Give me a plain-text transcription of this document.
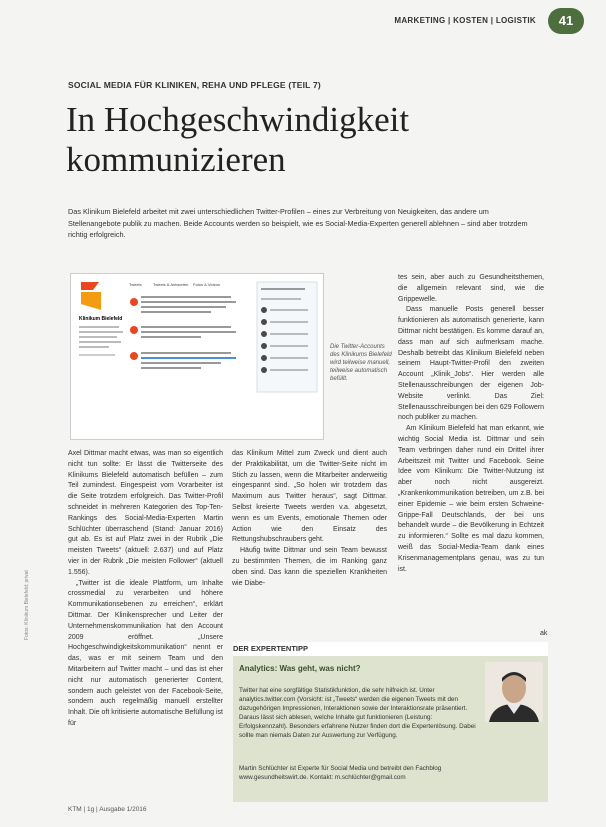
MARKETING | KOSTEN | LOGISTIK	41
SOCIAL MEDIA FÜR KLINIKEN, REHA UND PFLEGE (TEIL 7)
In Hochgeschwindigkeit kommunizieren
Das Klinikum Bielefeld arbeitet mit zwei unterschiedlichen Twitter-Profilen – eines zur Verbreitung von Neuigkeiten, das andere um Stellenangebote publik zu machen. Beide Accounts werden so beispielt, wie es Social-Media-Experten generell ablehnen – sind aber trotzdem richtig erfolgreich.
Klinikum Bielefeld
Tweets	Tweets & Antworten Fotos & Videos
Die Twitter-Accounts des Klinikums Bielefeld wird teilweise manuell, teilweise automatisch befüllt.

Axel Dittmar macht etwas, was man so eigentlich nicht tun sollte: Er lässt die Twitterseite des Klinikums Bielefeld automatisch befüllen – zum Teil zumindest. Eingespeist vom Vorarbeiter ist die Seite trotzdem erfolgreich. Das Twitter-Profil schneidet in mehreren Kategorien des Top-Ten-Rankings des Social-Media-Experten Martin Schlüchter überraschend (Stand: Januar 2016) gut ab. Es ist auf Platz zwei in der Rubrik „Die meisten Tweets“ (aktuell: 2.637) und auf Platz vier in der Rubrik „Die meisten Follower“ (aktuell 1.556).

„Twitter ist die ideale Plattform, um Inhalte crossmedial zu verarbeiten und höhere Kommunikationsebenen zu erreichen“, erklärt Dittmar. Der Klinikensprecher und Leiter der Unternehmenskommunikation hat den Account 2009 eröffnet. „Unsere Hochgeschwindigkeitskommunikation“ nennt er das, was er mit seinem Team und den Mitarbeitern auf Twitter macht – und das ist eher nicht nur automatisch generierter Content, sondern auch geleistet von der Facebook-Seite, sondern auch regelmäßig manuell erstellter Inhalt. Die oft kritisierte automatische Befüllung ist für

das Klinikum Mittel zum Zweck und dient auch der Praktikabilität, um die Twitter-Seite nicht im Stich zu lassen, wenn die Mitarbeiter anderweitig eingespannt sind. „So holen wir trotzdem das Maximum aus Twitter heraus“, sagt Dittmar. Selbst kreierte Tweets werden v.a. abgesetzt, wenn es um Events, emotionale Themen oder Action wie den Einsatz des Rettungshubschraubers geht.

Häufig twitte Dittmar und sein Team bewusst zu bestimmten Themen, die im Ranking ganz oben sind. Das kann die speziellen Krankheiten wie Diabe-

tes sein, aber auch zu Gesundheitsthemen, die allgemein relevant sind, wie die Grippewelle.

Dass manuelle Posts generell besser funktionieren als automatisch generierte, kann Dittmar nicht bestätigen. Es komme darauf an, dass man auf sich aufmerksam mache. Deshalb betreibt das Klinikum Bielefeld neben seinem Haupt-Twitter-Profil den zweiten Account „Klinik_Jobs“. Hier werden alle Stellenausschreibungen der eigenen Job-Website verlinkt. Das Ziel: Stellenausschreibungen bei den 629 Followern noch publiker zu machen.

Am Klinikum Bielefeld hat man erkannt, wie wichtig Social Media ist. Dittmar und sein Team verbringen daher rund ein Drittel ihrer Arbeitszeit mit Twitter und Facebook. Seine Idee vom Klinikum: Die Twitter-Nutzung ist aber noch nicht ausgereizt. „Krankenkommunikation betreiben, um z.B. bei einer Epidemie – wie beim ersten Schweine-Grippe-Fall Deutschlands, der bei uns behandelt wurde – die Bevölkerung in Echtzeit zu informieren.“ Sollte es mal dazu kommen, weiß das Social-Media-Team dank eines Krisenmanagementplans genau, was zu tun ist.

ak
DER EXPERTENTIPP
Analytics: Was geht, was nicht?
Twitter hat eine sorgfältige Statistikfunktion, die sehr hilfreich ist. Unter analytics.twitter.com (Vorsicht: ist „Tweets“ werden die eigenen Tweets mit den dazugehörigen Impressionen, Interaktionen sowie der Interaktionsrate präsentiert. Daraus lässt sich ablesen, welche Inhalte gut funktionieren (Leistung: Erfolgskennzahl). Besonders erfahrene Nutzer finden dort die Expertenlösung. Dabei sollte man niemals Daten zur Auswertung zur Verfügung.
Martin Schlüchter ist Experte für Social Media und betreibt den Fachblog www.gesundheitswirt.de. Kontakt: m.schlüchter@gmail.com
Fotos: Klinikum Bielefeld; privat
KTM | 1g | Ausgabe 1/2016
